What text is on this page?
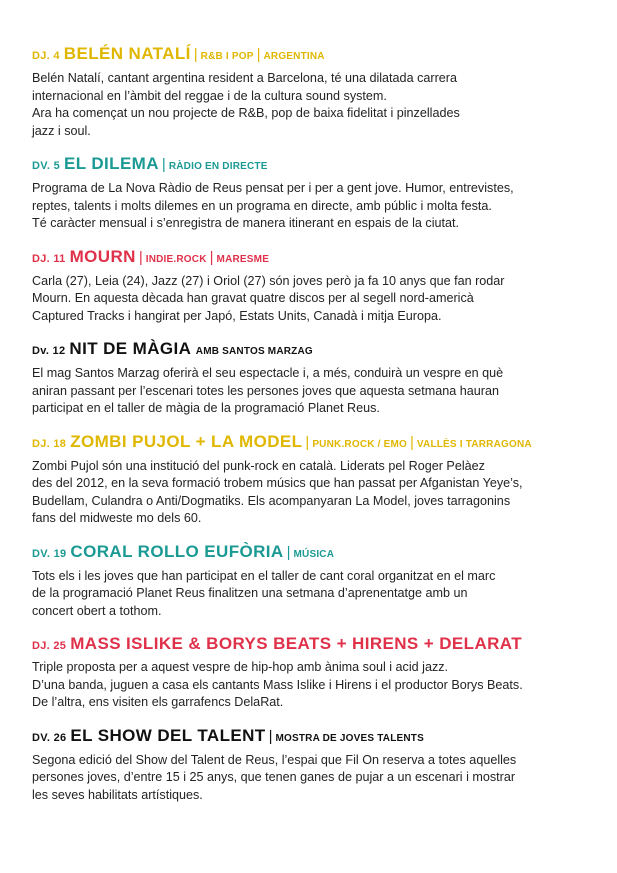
DJ. 4 BELÉN NATALÍ | R&B I POP | ARGENTINA

Belén Natalí, cantant argentina resident a Barcelona, té una dilatada carrera
internacional en l’àmbit del reggae i de la cultura sound system.
Ara ha començat un nou projecte de R&B, pop de baixa fidelitat i pinzellades
jazz i soul.

DV. 5 EL DILEMA | RÀDIO EN DIRECTE

Programa de La Nova Ràdio de Reus pensat per i per a gent jove. Humor, entrevistes,
reptes, talents i molts dilemes en un programa en directe, amb públic i molta festa.
Té caràcter mensual i s’enregistra de manera itinerant en espais de la ciutat.

DJ. 11 MOURN | INDIE.ROCK | MARESME

Carla (27), Leia (24), Jazz (27) i Oriol (27) són joves però ja fa 10 anys que fan rodar
Mourn. En aquesta dècada han gravat quatre discos per al segell nord-americà
Captured Tracks i hangirat per Japó, Estats Units, Canadà i mitja Europa.

Dv. 12 NIT DE MÀGIA AMB SANTOS MARZAG

El mag Santos Marzag oferirà el seu espectacle i, a més, conduirà un vespre en què
aniran passant per l’escenari totes les persones joves que aquesta setmana hauran
participat en el taller de màgia de la programació Planet Reus.

DJ. 18 ZOMBI PUJOL + LA MODEL | PUNK.ROCK / EMO | VALLÈS I TARRAGONA

Zombi Pujol són una institució del punk-rock en català. Liderats pel Roger Pelàez
des del 2012, en la seva formació trobem músics que han passat per Afganistan Yeye’s,
Budellam, Culandra o Anti/Dogmatiks. Els acompanyaran La Model, joves tarragonins
fans del midweste mo dels 60.

DV. 19 CORAL ROLLO EUFÒRIA | MÚSICA

Tots els i les joves que han participat en el taller de cant coral organitzat en el marc
de la programació Planet Reus finalitzen una setmana d’aprenentatge amb un
concert obert a tothom.

DJ. 25 MASS ISLIKE & BORYS BEATS + HIRENS + DELARAT

Triple proposta per a aquest vespre de hip-hop amb ànima soul i acid jazz.
D’una banda, juguen a casa els cantants Mass Islike i Hirens i el productor Borys Beats.
De l’altra, ens visiten els garrafencs DelaRat.

DV. 26 EL SHOW DEL TALENT | MOSTRA DE JOVES TALENTS

Segona edició del Show del Talent de Reus, l’espai que Fil On reserva a totes aquelles
persones joves, d’entre 15 i 25 anys, que tenen ganes de pujar a un escenari i mostrar
les seves habilitats artístiques.
